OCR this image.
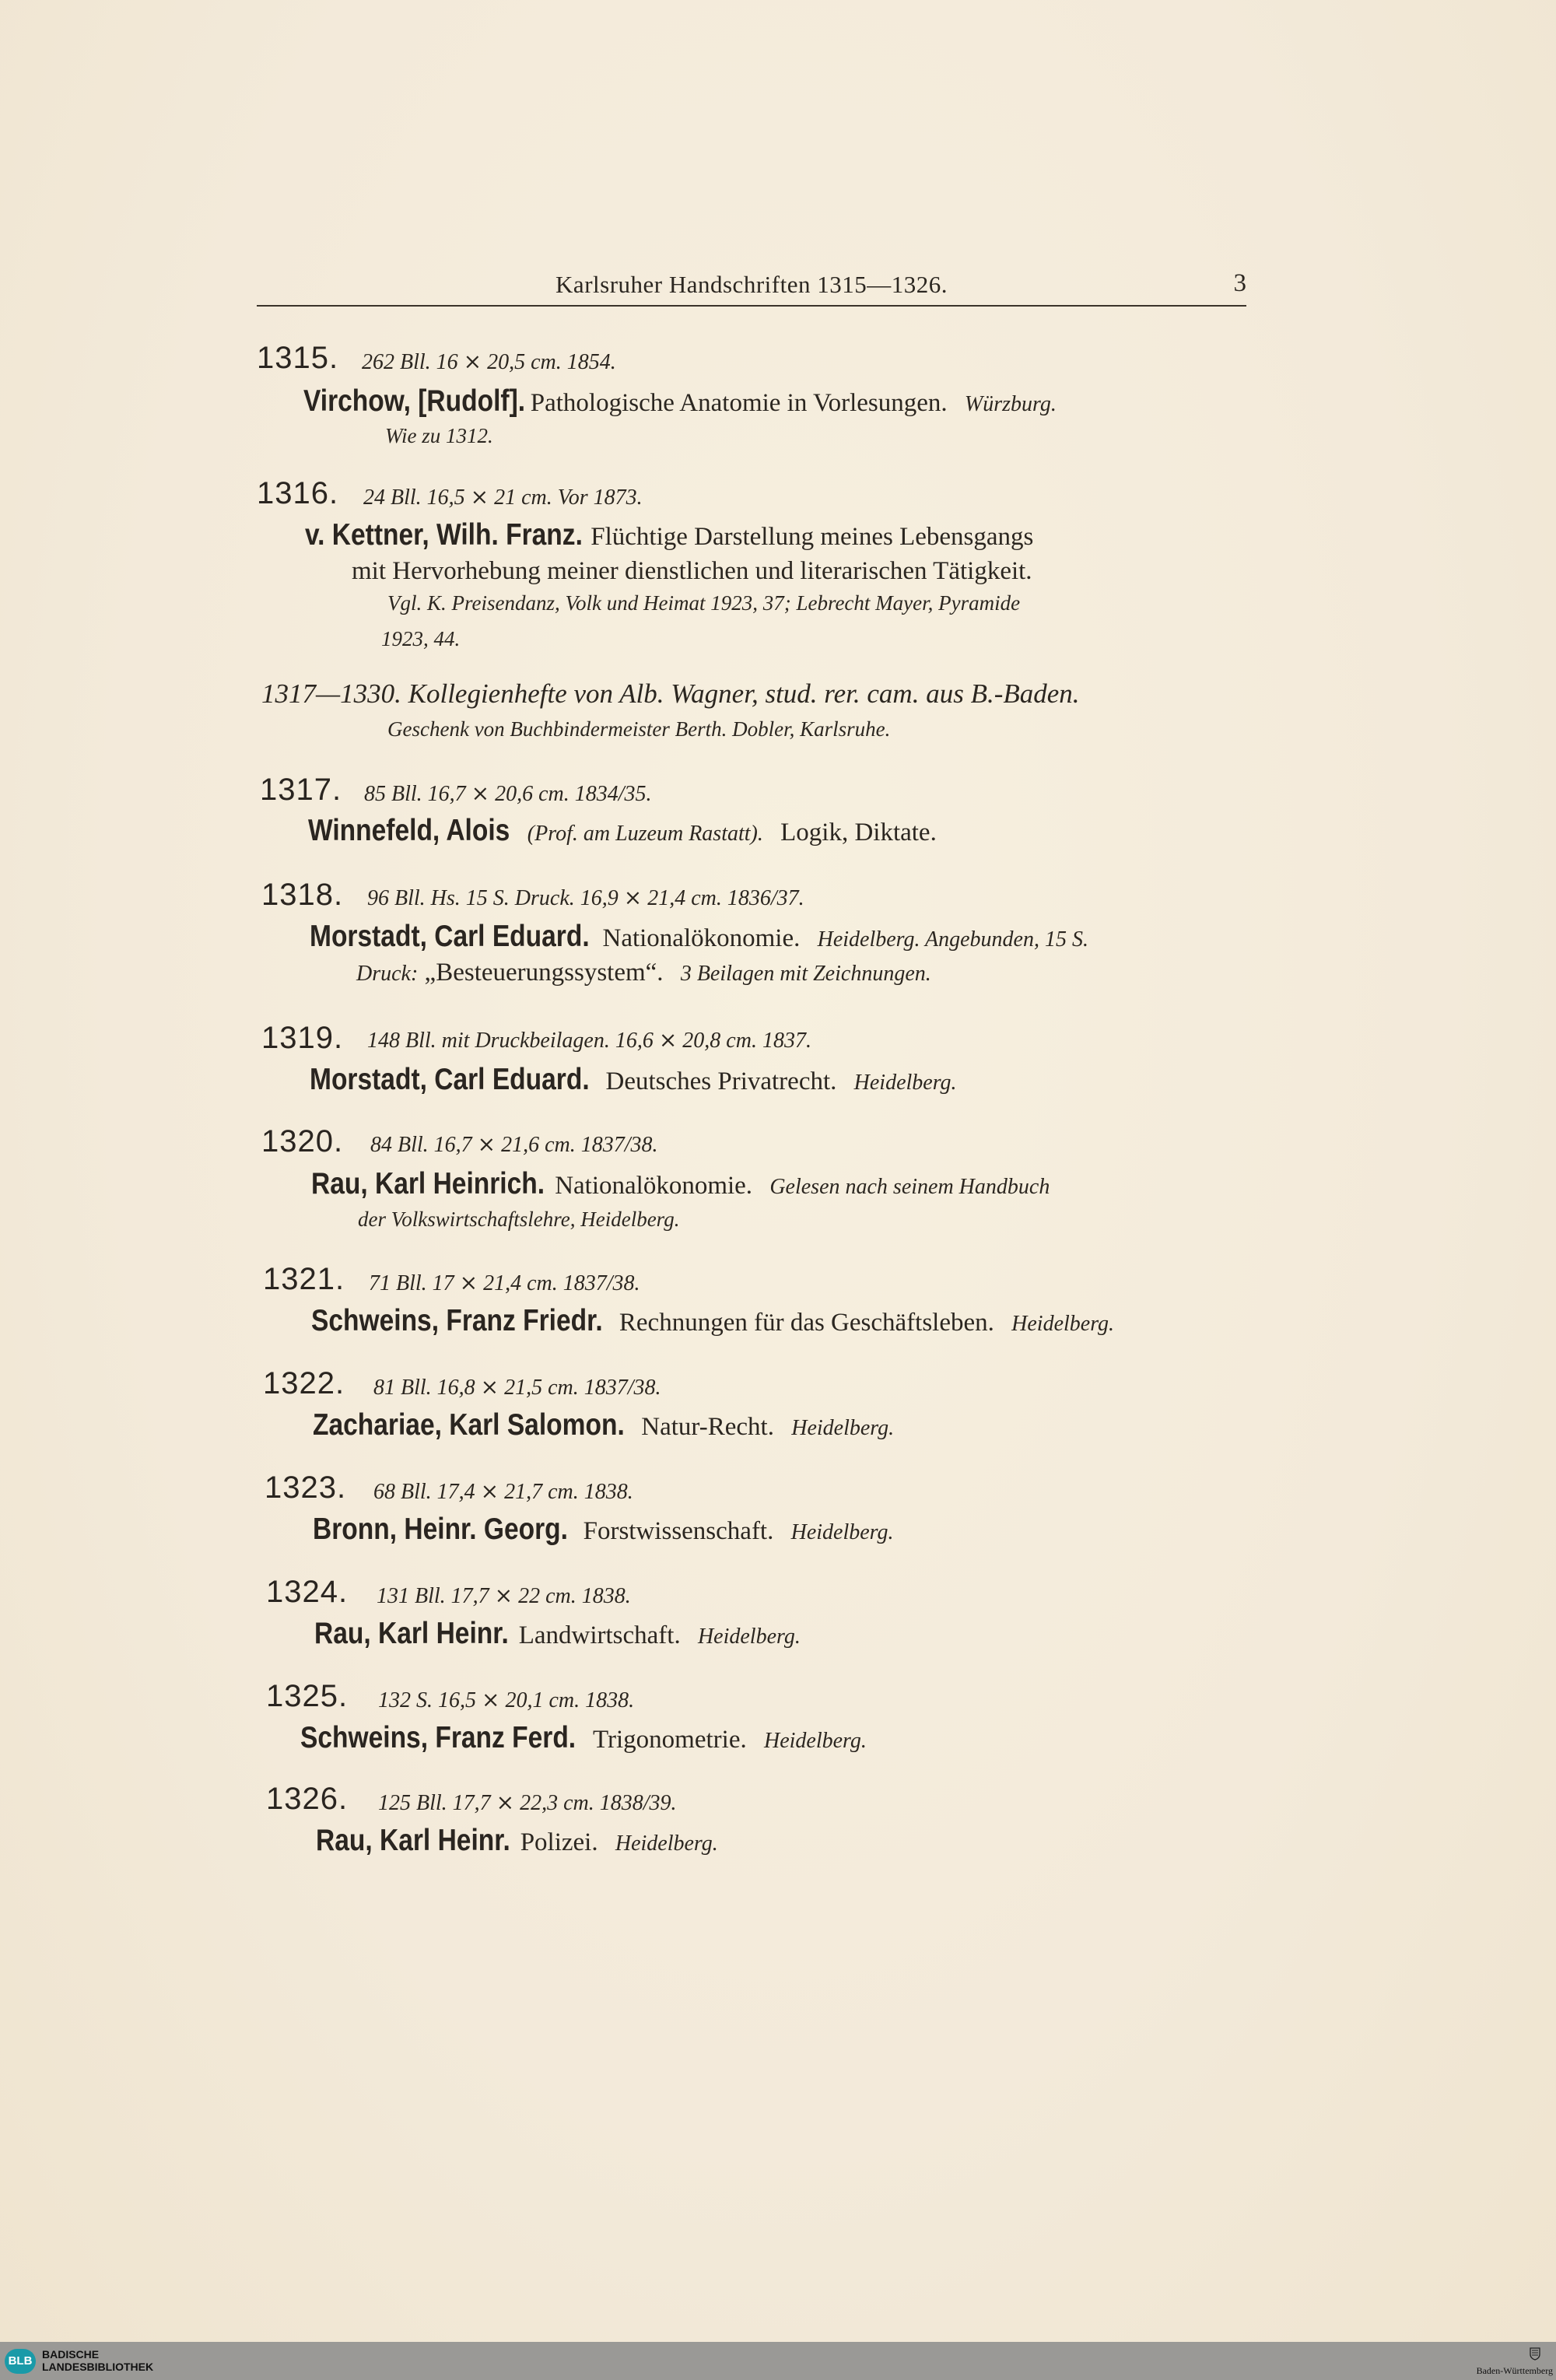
Karlsruher Handschriften 1315—1326.	3
1315. 262 Bll. 16 ⨯ 20,5 cm. 1854.
Virchow, [Rudolf]. Pathologische Anatomie in Vorlesungen. Würzburg.
Wie zu 1312.
1316. 24 Bll. 16,5 ⨯ 21 cm. Vor 1873.
v. Kettner, Wilh. Franz. Flüchtige Darstellung meines Lebensgangs
mit Hervorhebung meiner dienstlichen und literarischen Tätigkeit.
Vgl. K. Preisendanz, Volk und Heimat 1923, 37; Lebrecht Mayer, Pyramide
1923, 44.
1317—1330. Kollegienhefte von Alb. Wagner, stud. rer. cam. aus B.-Baden.
Geschenk von Buchbindermeister Berth. Dobler, Karlsruhe.
1317. 85 Bll. 16,7 ⨯ 20,6 cm. 1834/35.
Winnefeld, Alois (Prof. am Luzeum Rastatt). Logik, Diktate.
1318. 96 Bll. Hs. 15 S. Druck. 16,9 ⨯ 21,4 cm. 1836/37.
Morstadt, Carl Eduard. Nationalökonomie. Heidelberg. Angebunden, 15 S.
Druck: „Besteuerungssystem“. 3 Beilagen mit Zeichnungen.
1319. 148 Bll. mit Druckbeilagen. 16,6 ⨯ 20,8 cm. 1837.
Morstadt, Carl Eduard. Deutsches Privatrecht. Heidelberg.
1320. 84 Bll. 16,7 ⨯ 21,6 cm. 1837/38.
Rau, Karl Heinrich. Nationalökonomie. Gelesen nach seinem Handbuch
der Volkswirtschaftslehre, Heidelberg.
1321. 71 Bll. 17 ⨯ 21,4 cm. 1837/38.
Schweins, Franz Friedr. Rechnungen für das Geschäftsleben. Heidelberg.
1322. 81 Bll. 16,8 ⨯ 21,5 cm. 1837/38.
Zachariae, Karl Salomon. Natur-Recht. Heidelberg.
1323. 68 Bll. 17,4 ⨯ 21,7 cm. 1838.
Bronn, Heinr. Georg. Forstwissenschaft. Heidelberg.
1324. 131 Bll. 17,7 ⨯ 22 cm. 1838.
Rau, Karl Heinr. Landwirtschaft. Heidelberg.
1325. 132 S. 16,5 ⨯ 20,1 cm. 1838.
Schweins, Franz Ferd. Trigonometrie. Heidelberg.
1326. 125 Bll. 17,7 ⨯ 22,3 cm. 1838/39.
Rau, Karl Heinr. Polizei. Heidelberg.
BLB BADISCHE
LANDESBIBLIOTHEK	Baden-Württemberg
